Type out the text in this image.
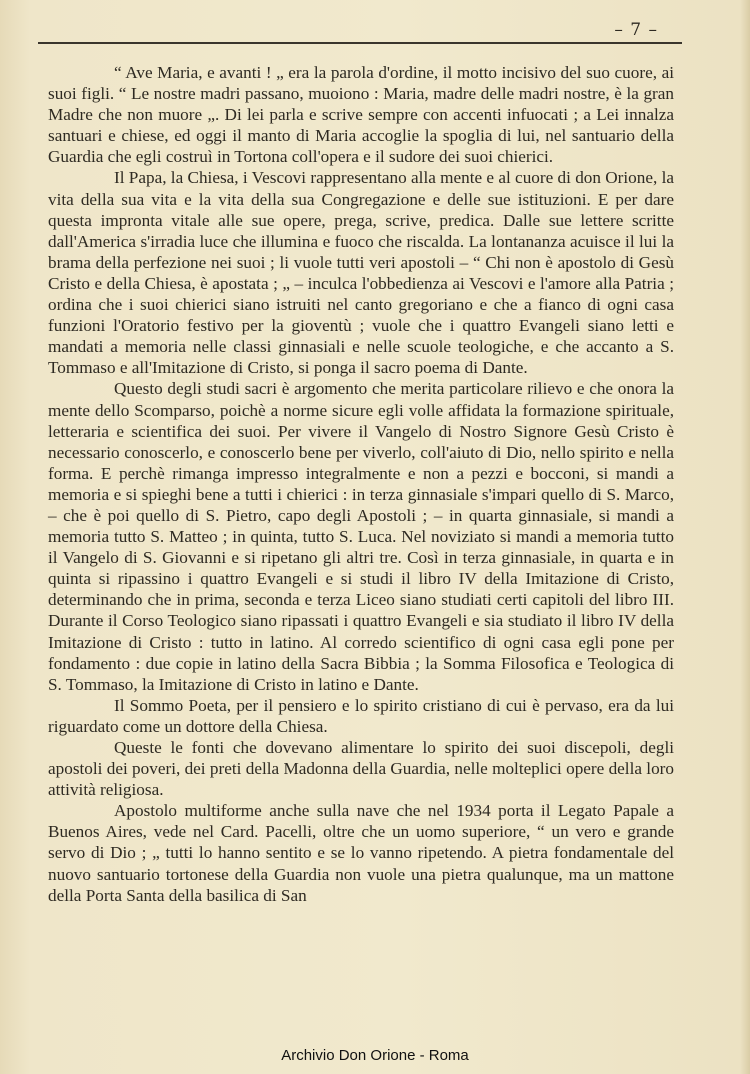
– 7 –

“ Ave Maria, e avanti ! „ era la parola d'ordine, il motto incisivo del suo cuore, ai suoi figli. “ Le nostre madri passano, muoiono : Maria, madre delle madri nostre, è la gran Madre che non muore „. Di lei parla e scrive sempre con accenti infuocati ; a Lei innalza santuari e chiese, ed oggi il manto di Maria accoglie la spoglia di lui, nel santuario della Guardia che egli costruì in Tortona coll'opera e il sudore dei suoi chierici.

Il Papa, la Chiesa, i Vescovi rappresentano alla mente e al cuore di don Orione, la vita della sua vita e la vita della sua Congregazione e delle sue istituzioni. E per dare questa impronta vitale alle sue opere, prega, scrive, predica. Dalle sue lettere scritte dall'America s'irradia luce che illumina e fuoco che riscalda. La lontananza acuisce il lui la brama della perfezione nei suoi ; li vuole tutti veri apostoli – “ Chi non è apostolo di Gesù Cristo e della Chiesa, è apostata ; „ – inculca l'obbedienza ai Vescovi e l'amore alla Patria ; ordina che i suoi chierici siano istruiti nel canto gregoriano e che a fianco di ogni casa funzioni l'Oratorio festivo per la gioventù ; vuole che i quattro Evangeli siano letti e mandati a memoria nelle classi ginnasiali e nelle scuole teologiche, e che accanto a S. Tommaso e all'Imitazione di Cristo, si ponga il sacro poema di Dante.

Questo degli studi sacri è argomento che merita particolare rilievo e che onora la mente dello Scomparso, poichè a norme sicure egli volle affidata la formazione spirituale, letteraria e scientifica dei suoi. Per vivere il Vangelo di Nostro Signore Gesù Cristo è necessario conoscerlo, e conoscerlo bene per viverlo, coll'aiuto di Dio, nello spirito e nella forma. E perchè rimanga impresso integralmente e non a pezzi e bocconi, si mandi a memoria e si spieghi bene a tutti i chierici : in terza ginnasiale s'impari quello di S. Marco, – che è poi quello di S. Pietro, capo degli Apostoli ; – in quarta ginnasiale, si mandi a memoria tutto S. Matteo ; in quinta, tutto S. Luca. Nel noviziato si mandi a memoria tutto il Vangelo di S. Giovanni e si ripetano gli altri tre. Così in terza ginnasiale, in quarta e in quinta si ripassino i quattro Evangeli e si studi il libro IV della Imitazione di Cristo, determinando che in prima, seconda e terza Liceo siano studiati certi capitoli del libro III. Durante il Corso Teologico siano ripassati i quattro Evangeli e sia studiato il libro IV della Imitazione di Cristo : tutto in latino. Al corredo scientifico di ogni casa egli pone per fondamento : due copie in latino della Sacra Bibbia ; la Somma Filosofica e Teologica di S. Tommaso, la Imitazione di Cristo in latino e Dante.

Il Sommo Poeta, per il pensiero e lo spirito cristiano di cui è pervaso, era da lui riguardato come un dottore della Chiesa.

Queste le fonti che dovevano alimentare lo spirito dei suoi discepoli, degli apostoli dei poveri, dei preti della Madonna della Guardia, nelle molteplici opere della loro attività religiosa.

Apostolo multiforme anche sulla nave che nel 1934 porta il Legato Papale a Buenos Aires, vede nel Card. Pacelli, oltre che un uomo superiore, “ un vero e grande servo di Dio ; „ tutti lo hanno sentito e se lo vanno ripetendo. A pietra fondamentale del nuovo santuario tortonese della Guardia non vuole una pietra qualunque, ma un mattone della Porta Santa della basilica di San

Archivio Don Orione - Roma
